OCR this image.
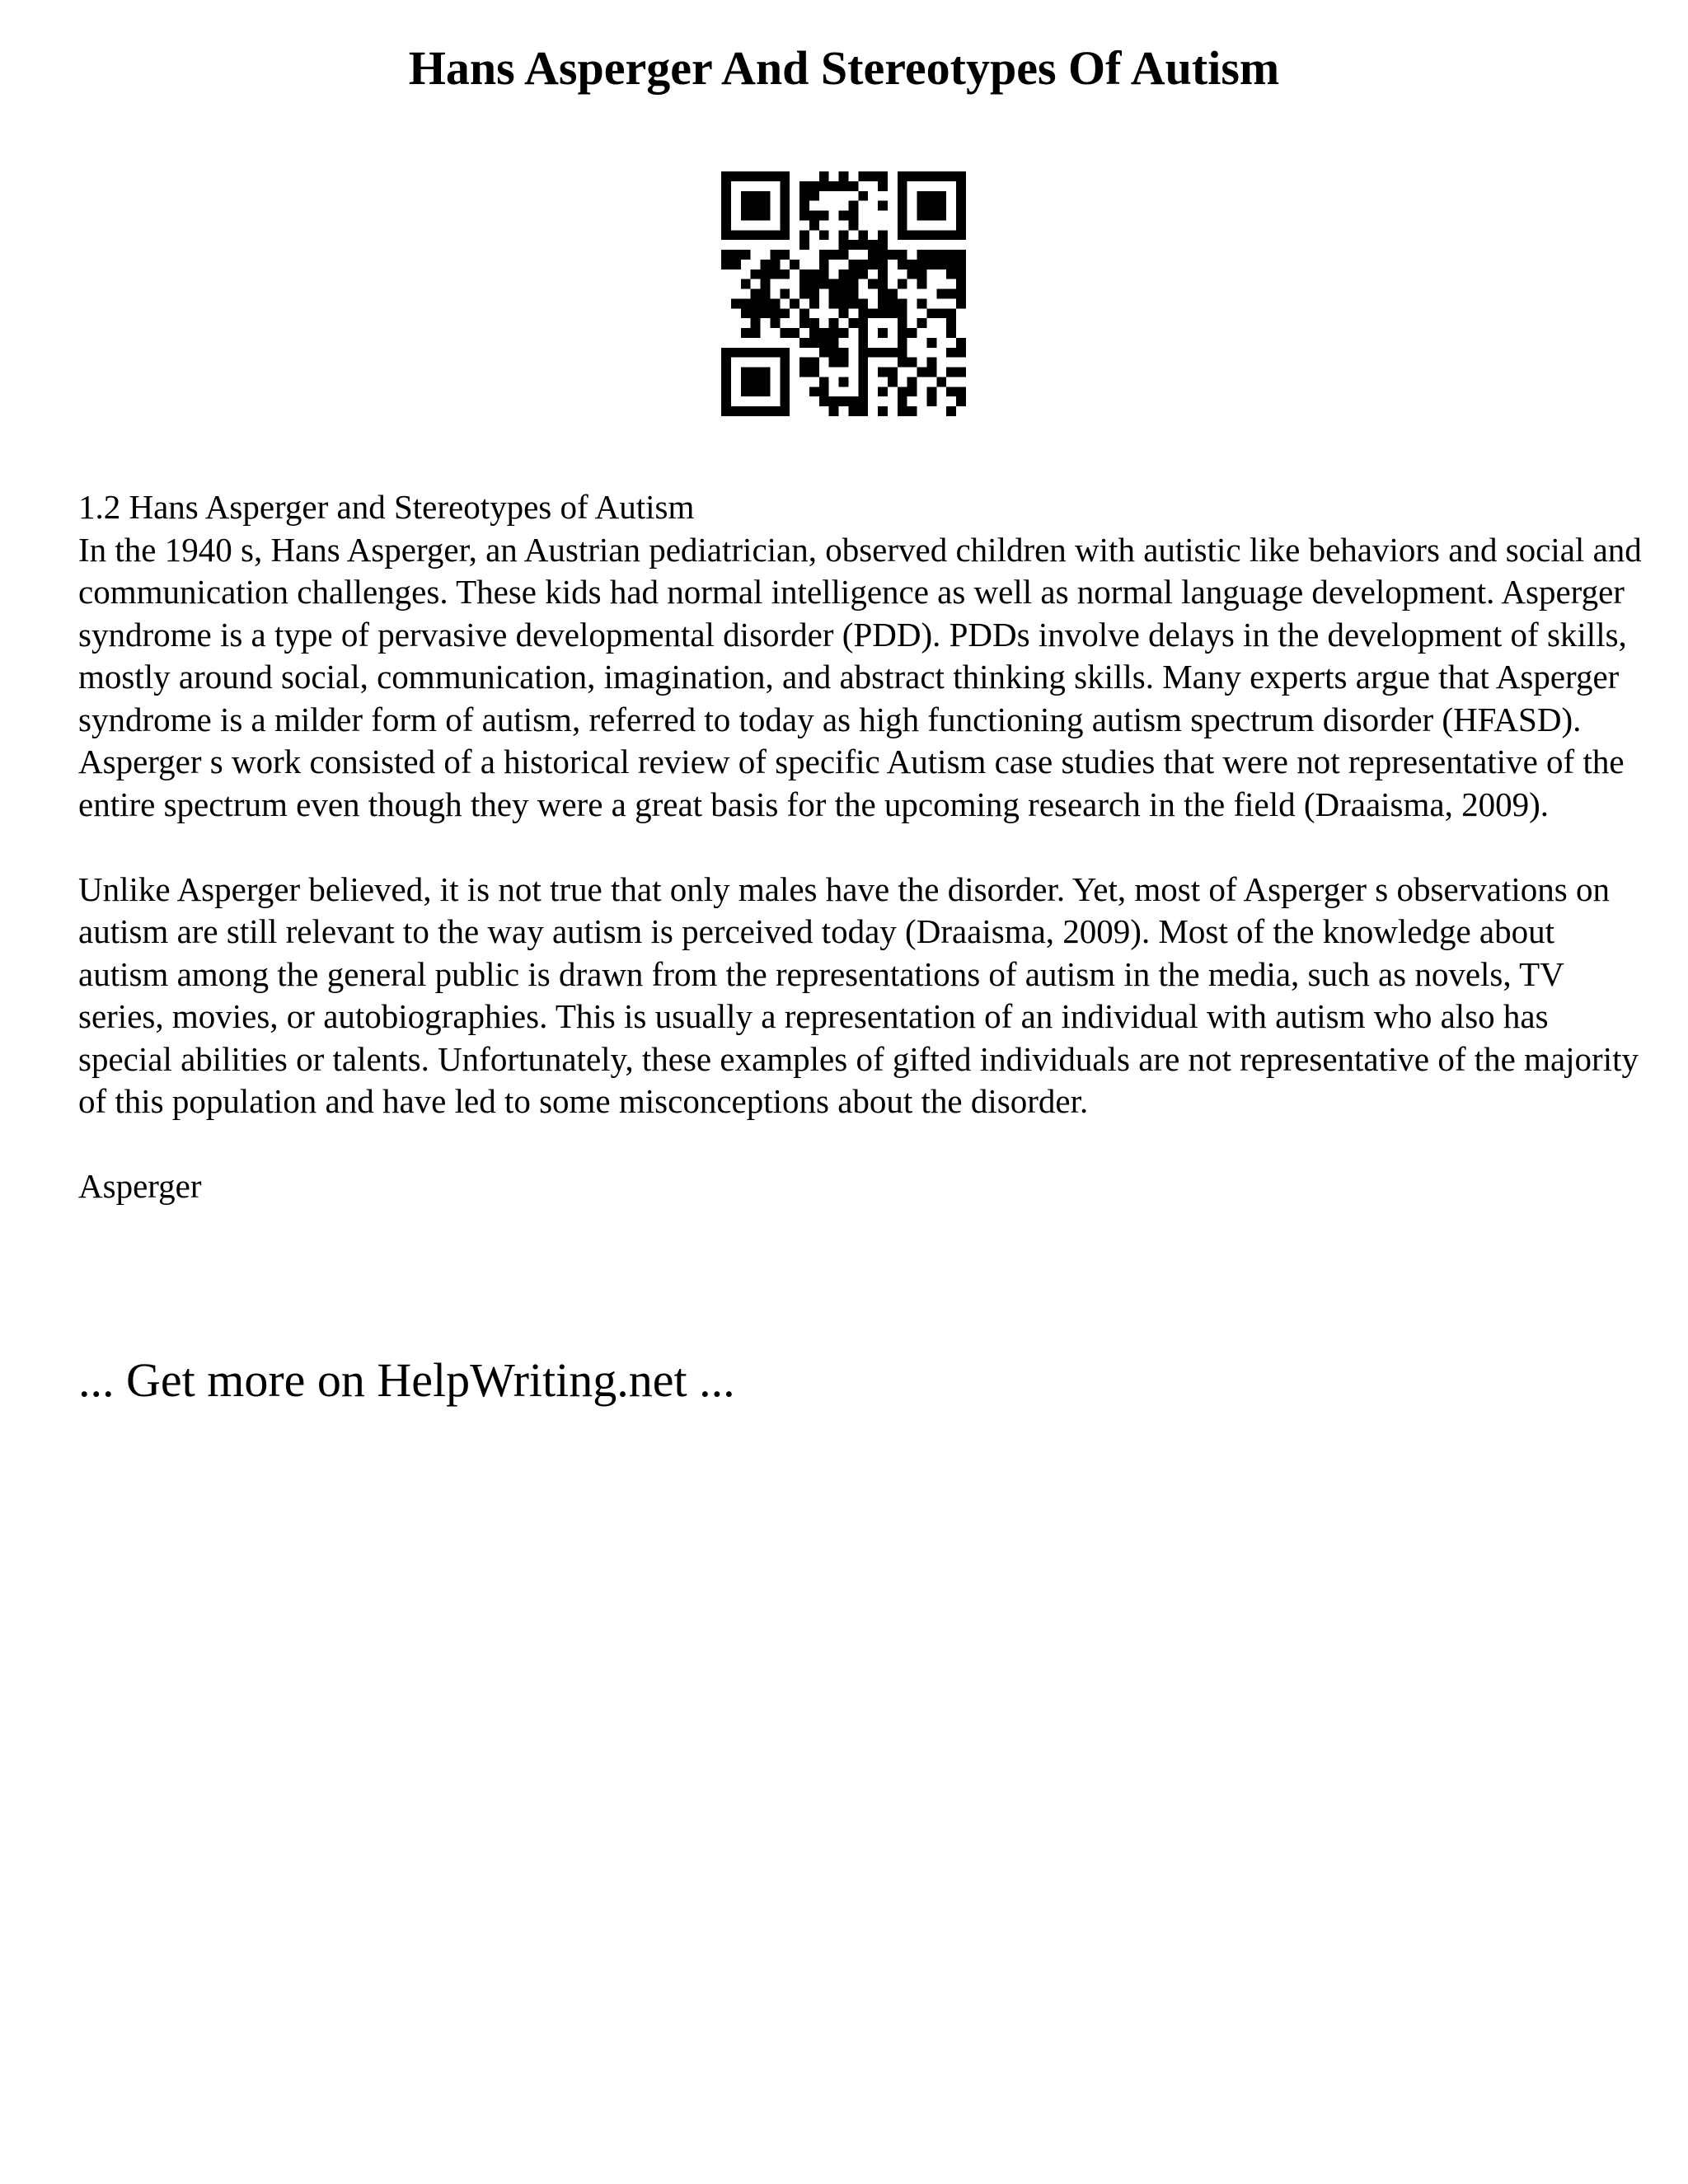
Hans Asperger And Stereotypes Of Autism
1.2 Hans Asperger and Stereotypes of Autism

In the 1940 s, Hans Asperger, an Austrian pediatrician, observed children with autistic like behaviors and social and communication challenges. These kids had normal intelligence as well as normal language development. Asperger syndrome is a type of pervasive developmental disorder (PDD). PDDs involve delays in the development of skills, mostly around social, communication, imagination, and abstract thinking skills. Many experts argue that Asperger syndrome is a milder form of autism, referred to today as high functioning autism spectrum disorder (HFASD). Asperger s work consisted of a historical review of specific Autism case studies that were not representative of the entire spectrum even though they were a great basis for the upcoming research in the field (Draaisma, 2009).

Unlike Asperger believed, it is not true that only males have the disorder. Yet, most of Asperger s observations on autism are still relevant to the way autism is perceived today (Draaisma, 2009). Most of the knowledge about autism among the general public is drawn from the representations of autism in the media, such as novels, TV series, movies, or autobiographies. This is usually a representation of an individual with autism who also has special abilities or talents. Unfortunately, these examples of gifted individuals are not representative of the majority of this population and have led to some misconceptions about the disorder.

Asperger

... Get more on HelpWriting.net ...
